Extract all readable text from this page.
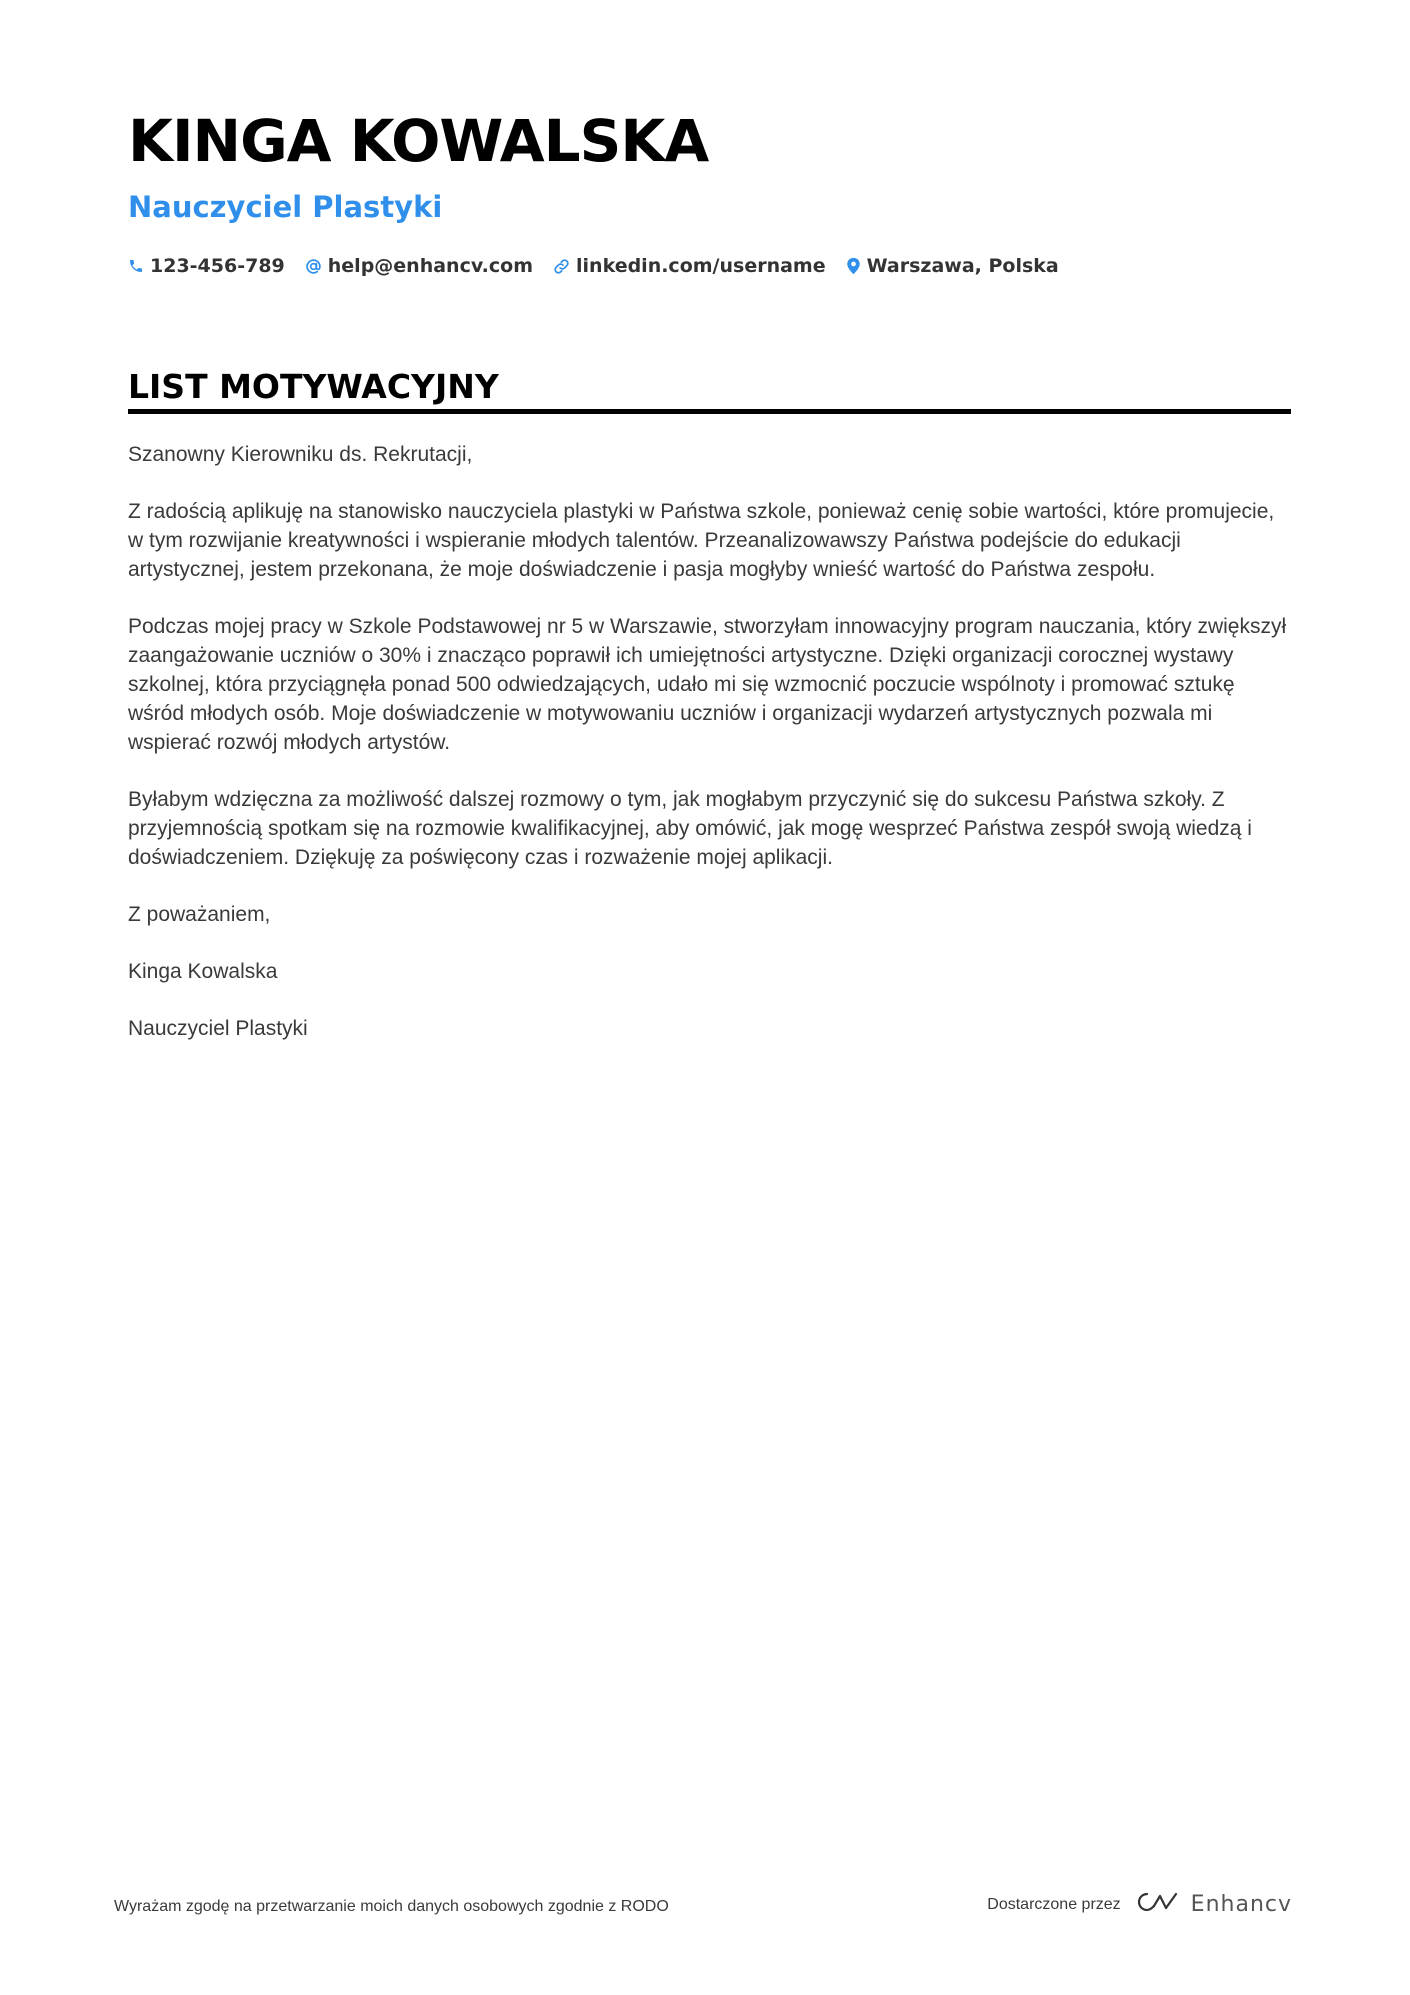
KINGA KOWALSKA
Nauczyciel Plastyki
123-456-789 help@enhancv.com linkedin.com/username Warszawa, Polska
LIST MOTYWACYJNY

Szanowny Kierowniku ds. Rekrutacji,

Z radością aplikuję na stanowisko nauczyciela plastyki w Państwa szkole, ponieważ cenię sobie wartości, które promujecie, w tym rozwijanie kreatywności i wspieranie młodych talentów. Przeanalizowawszy Państwa podejście do edukacji artystycznej, jestem przekonana, że moje doświadczenie i pasja mogłyby wnieść wartość do Państwa zespołu.

Podczas mojej pracy w Szkole Podstawowej nr 5 w Warszawie, stworzyłam innowacyjny program nauczania, który zwiększył zaangażowanie uczniów o 30% i znacząco poprawił ich umiejętności artystyczne. Dzięki organizacji corocznej wystawy szkolnej, która przyciągnęła ponad 500 odwiedzających, udało mi się wzmocnić poczucie wspólnoty i promować sztukę wśród młodych osób. Moje doświadczenie w motywowaniu uczniów i organizacji wydarzeń artystycznych pozwala mi wspierać rozwój młodych artystów.

Byłabym wdzięczna za możliwość dalszej rozmowy o tym, jak mogłabym przyczynić się do sukcesu Państwa szkoły. Z przyjemnością spotkam się na rozmowie kwalifikacyjnej, aby omówić, jak mogę wesprzeć Państwa zespół swoją wiedzą i doświadczeniem. Dziękuję za poświęcony czas i rozważenie mojej aplikacji.

Z poważaniem,

Kinga Kowalska

Nauczyciel Plastyki

Wyrażam zgodę na przetwarzanie moich danych osobowych zgodnie z RODO	Dostarczone przez	Enhancv
